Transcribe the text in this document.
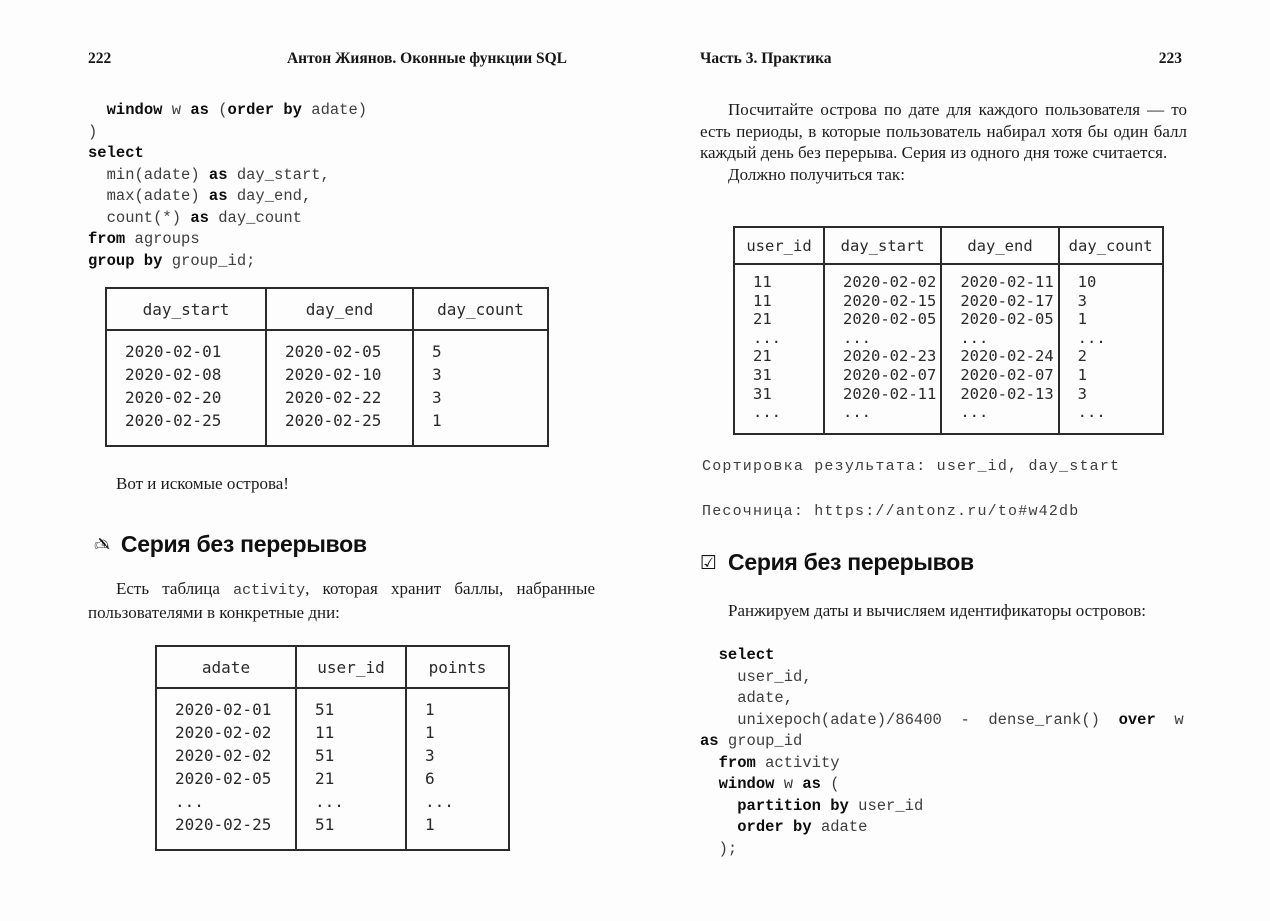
222	Антон Жиянов. Оконные функции SQL
window w as (order by adate)
)
select
min(adate) as day_start,
max(adate) as day_end,
count(*) as day_count
from agroups
group by group_id;
day_start	day_end	day_count
2020-02-01	2020-02-05	5
2020-02-08	2020-02-10	3
2020-02-20	2020-02-22	3
2020-02-25	2020-02-25	1

Вот и искомые острова!

✍ Серия без перерывов

Есть таблица activity, которая хранит баллы, набранные пользователями в конкретные дни:

adate	user_id	points
2020-02-01	51	1
2020-02-02	11	1
2020-02-02	51	3
2020-02-05	21	6
...	...	...
2020-02-25	51	1
Часть 3. Практика	223

Посчитайте острова по дате для каждого пользователя — то есть периоды, в которые пользователь набирал хотя бы один балл каждый день без перерыва. Серия из одного дня тоже считается.

Должно получиться так:

user_id	day_start	day_end	day_count
11	2020-02-02	2020-02-11	10
11	2020-02-15	2020-02-17	3
21	2020-02-05	2020-02-05	1
...	...	...	...
21	2020-02-23	2020-02-24	2
31	2020-02-07	2020-02-07	1
31	2020-02-11	2020-02-13	3
...	...	...	...
Сортировка результата: user_id, day_start
Песочница: https://antonz.ru/to#w42db
☑ Серия без перерывов

Ранжируем даты и вычисляем идентификаторы островов:

select
user_id,
adate,
unixepoch(adate)/86400  -  dense_rank()  over  w
as group_id
from activity
window w as (
partition by user_id
order by adate
);
